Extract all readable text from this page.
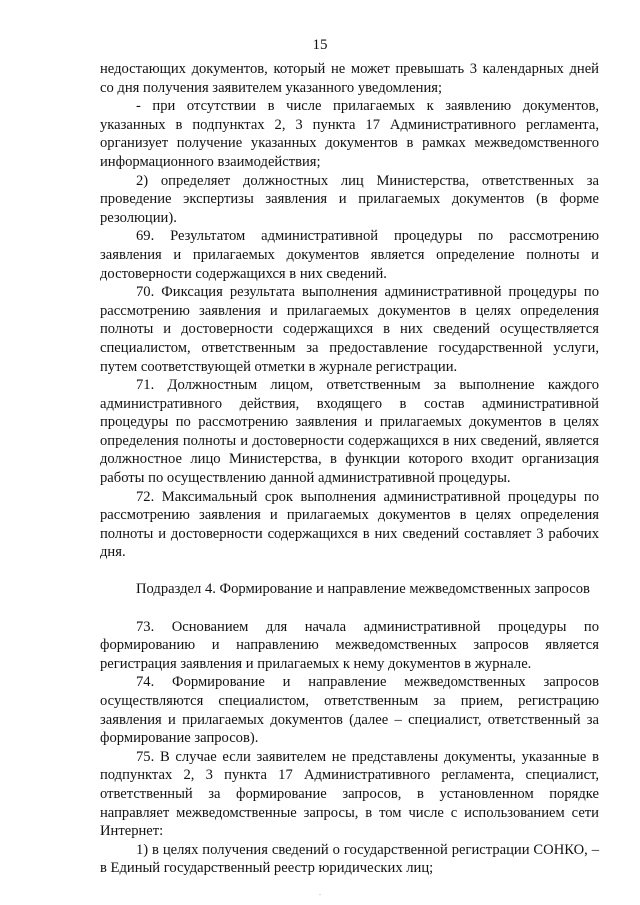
15

недостающих документов, который не может превышать 3 календарных дней со дня получения заявителем указанного уведомления;

- при отсутствии в числе прилагаемых к заявлению документов, указанных в подпунктах 2, 3 пункта 17 Административного регламента, организует получение указанных документов в рамках межведомственного информационного взаимодействия;

2) определяет должностных лиц Министерства, ответственных за проведение экспертизы заявления и прилагаемых документов (в форме резолюции).

69. Результатом административной процедуры по рассмотрению заявления и прилагаемых документов является определение полноты и достоверности содержащихся в них сведений.

70. Фиксация результата выполнения административной процедуры по рассмотрению заявления и прилагаемых документов в целях определения полноты и достоверности содержащихся в них сведений осуществляется специалистом, ответственным за предоставление государственной услуги, путем соответствующей отметки в журнале регистрации.

71. Должностным лицом, ответственным за выполнение каждого административного действия, входящего в состав административной процедуры по рассмотрению заявления и прилагаемых документов в целях определения полноты и достоверности содержащихся в них сведений, является должностное лицо Министерства, в функции которого входит организация работы по осуществлению данной административной процедуры.

72. Максимальный срок выполнения административной процедуры по рассмотрению заявления и прилагаемых документов в целях определения полноты и достоверности содержащихся в них сведений составляет 3 рабочих дня.

Подраздел 4. Формирование и направление межведомственных запросов

73. Основанием для начала административной процедуры по формированию и направлению межведомственных запросов является регистрация заявления и прилагаемых к нему документов в журнале.

74. Формирование и направление межведомственных запросов осуществляются специалистом, ответственным за прием, регистрацию заявления и прилагаемых документов (далее – специалист, ответственный за формирование запросов).

75. В случае если заявителем не представлены документы, указанные в подпунктах 2, 3 пункта 17 Административного регламента, специалист, ответственный за формирование запросов, в установленном порядке направляет межведомственные запросы, в том числе с использованием сети Интернет:

1) в целях получения сведений о государственной регистрации СОНКО, – в Единый государственный реестр юридических лиц;

.
